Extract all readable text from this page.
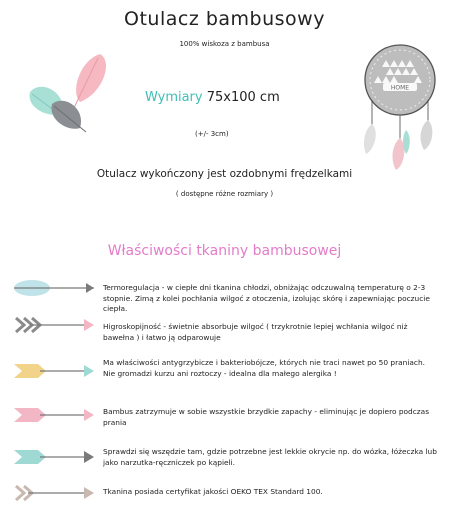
Otulacz bambusowy
100% wiskoza z bambusa
HOME
Wymiary 75x100 cm
(+/- 3cm)
Otulacz wykończony jest ozdobnymi frędzelkami
( dostępne różne rozmiary )
Właściwości tkaniny bambusowej
Termoregulacja - w ciepłe dni tkanina chłodzi, obniżając odczuwalną temperaturę o 2-3 stopnie. Zimą z kolei pochłania wilgoć z otoczenia, izolując skórę i zapewniając poczucie ciepła.
Higroskopijność - świetnie absorbuje wilgoć ( trzykrotnie lepiej wchłania wilgoć niż bawełna ) i łatwo ją odparowuje
Ma właściwości antygrzybicze i bakteriobójcze, których nie traci nawet po 50 praniach. Nie gromadzi kurzu ani roztoczy - idealna dla małego alergika !
Bambus zatrzymuje w sobie wszystkie brzydkie zapachy - eliminując je dopiero podczas prania
Sprawdzi się wszędzie tam, gdzie potrzebne jest lekkie okrycie np. do wózka, łóżeczka lub jako narzutka-ręczniczek po kąpieli.
Tkanina posiada certyfikat jakości OEKO TEX Standard 100.
